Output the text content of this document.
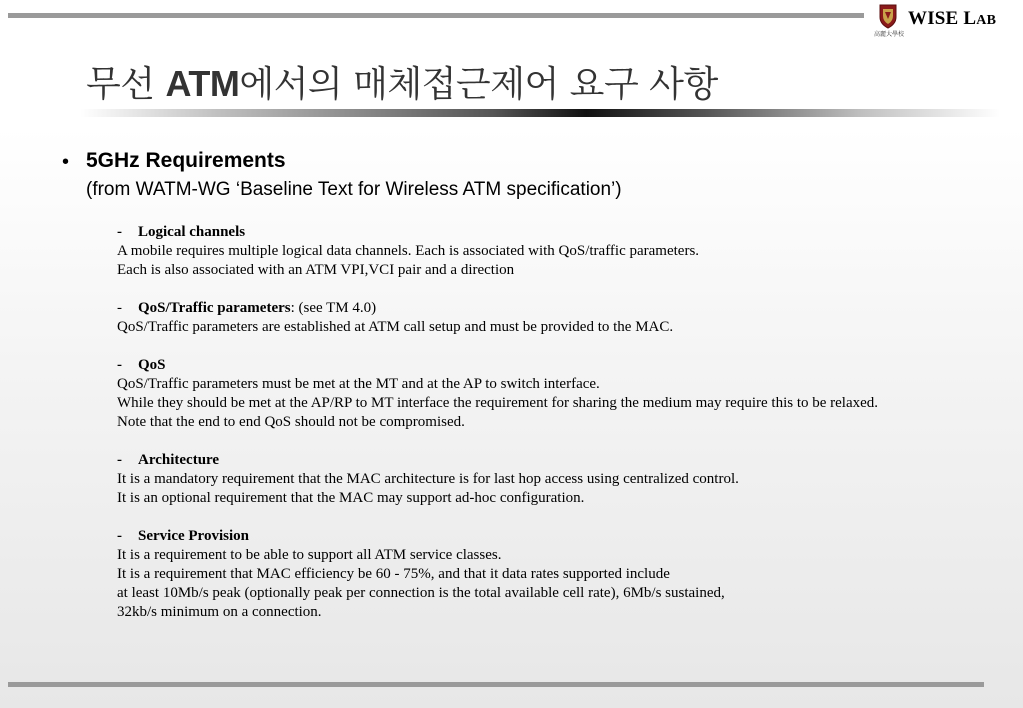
WISE LAB
高麗大學校
무선 ATM에서의 매체접근제어 요구 사항
• 5GHz Requirements
(from WATM-WG ‘Baseline Text for Wireless ATM specification’)
- Logical channels
A mobile requires multiple logical data channels. Each is associated with QoS/traffic parameters.
Each is also associated with an ATM VPI,VCI pair and a direction
- QoS/Traffic parameters: (see TM 4.0)
QoS/Traffic parameters are established at ATM call setup and must be provided to the MAC.
- QoS
QoS/Traffic parameters must be met at the MT and at the AP to switch interface.
While they should be met at the AP/RP to MT interface the requirement for sharing the medium may require this to be relaxed.
Note that the end to end QoS should not be compromised.
- Architecture
It is a mandatory requirement that the MAC architecture is for last hop access using centralized control.
It is an optional requirement that the MAC may support ad-hoc configuration.
- Service Provision
It is a requirement to be able to support all ATM service classes.
It is a requirement that MAC efficiency be 60 - 75%, and that it data rates supported include
at least 10Mb/s peak (optionally peak per connection is the total available cell rate), 6Mb/s sustained,
32kb/s minimum on a connection.
